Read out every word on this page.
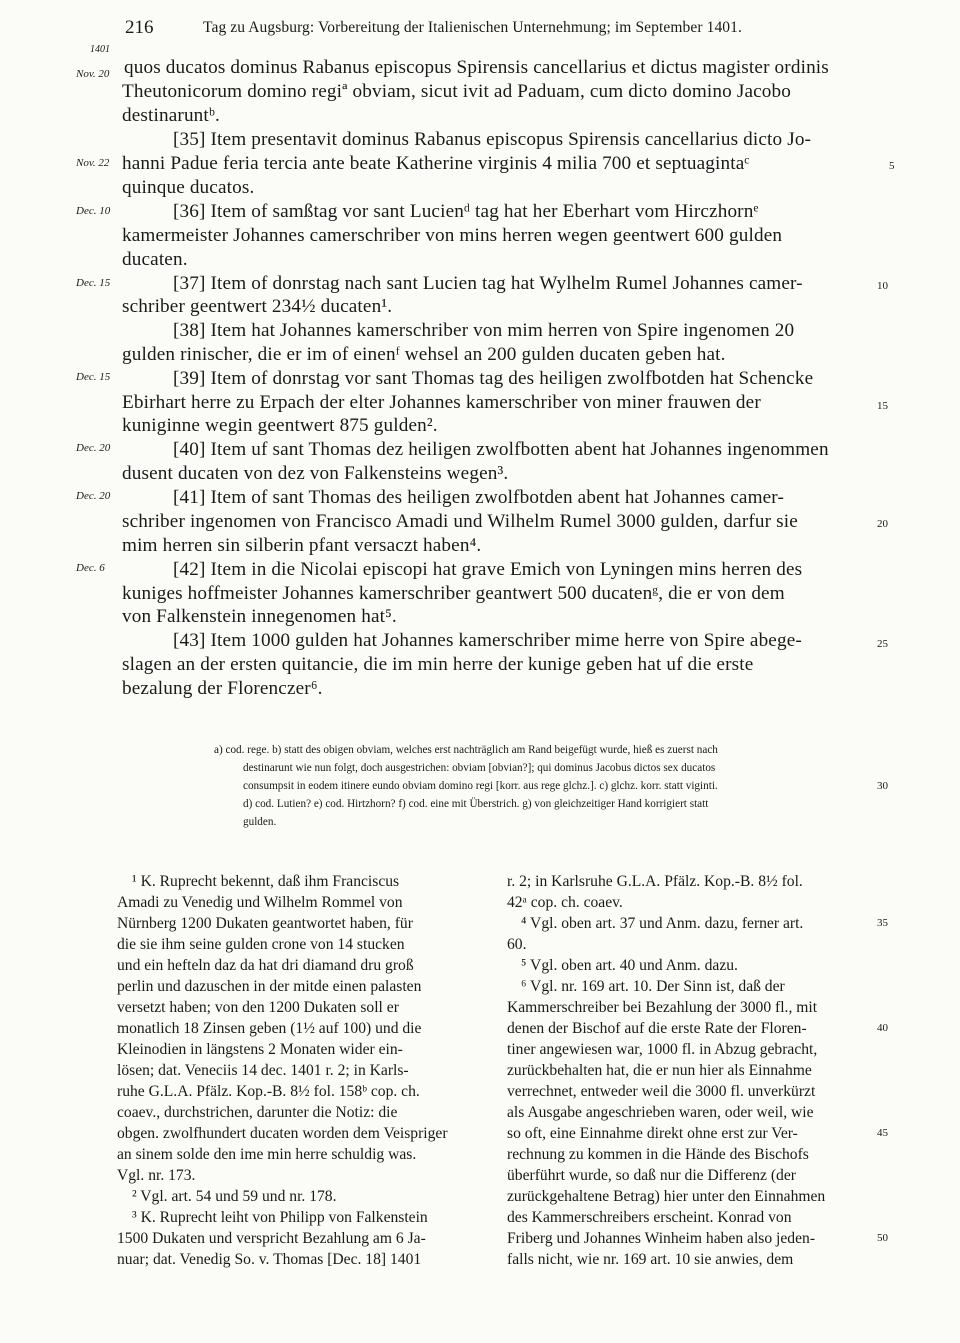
216	Tag zu Augsburg: Vorbereitung der Italienischen Unternehmung; im September 1401.
1401
Nov. 20
Nov. 22
Dec. 10
Dec. 15
Dec. 15
Dec. 20
Dec. 20
Dec. 6
quos ducatos dominus Rabanus episcopus Spirensis cancellarius et dictus magister ordinis
Theutonicorum domino regiª obviam, sicut ivit ad Paduam, cum dicto domino Jacobo
destinaruntᵇ.
[35] Item presentavit dominus Rabanus episcopus Spirensis cancellarius dicto Jo-
hanni Padue feria tercia ante beate Katherine virginis 4 milia 700 et septuagintaᶜ
quinque ducatos.
[36] Item of samßtag vor sant Lucienᵈ tag hat her Eberhart vom Hirczhornᵉ
kamermeister Johannes camerschriber von mins herren wegen geentwert 600 gulden
ducaten.
[37] Item of donrstag nach sant Lucien tag hat Wylhelm Rumel Johannes camer-
schriber geentwert 234½ ducaten¹.
[38] Item hat Johannes kamerschriber von mim herren von Spire ingenomen 20
gulden rinischer, die er im of einenᶠ wehsel an 200 gulden ducaten geben hat.
[39] Item of donrstag vor sant Thomas tag des heiligen zwolfbotden hat Schencke
Ebirhart herre zu Erpach der elter Johannes kamerschriber von miner frauwen der
kuniginne wegin geentwert 875 gulden².
[40] Item uf sant Thomas dez heiligen zwolfbotten abent hat Johannes ingenommen
dusent ducaten von dez von Falkensteins wegen³.
[41] Item of sant Thomas des heiligen zwolfbotden abent hat Johannes camer-
schriber ingenomen von Francisco Amadi und Wilhelm Rumel 3000 gulden, darfur sie
mim herren sin silberin pfant versaczt haben⁴.
[42] Item in die Nicolai episcopi hat grave Emich von Lyningen mins herren des
kuniges hoffmeister Johannes kamerschriber geantwert 500 ducatenᵍ, die er von dem
von Falkenstein innegenomen hat⁵.
[43] Item 1000 gulden hat Johannes kamerschriber mime herre von Spire abege-
slagen an der ersten quitancie, die im min herre der kunige geben hat uf die erste
bezalung der Florenczer⁶.
5
10
15
20
25
a) cod. rege. b) statt des obigen obviam, welches erst nachträglich am Rand beigefügt wurde, hieß es zuerst nach
destinarunt wie nun folgt, doch ausgestrichen: obviam [obvian?]; qui dominus Jacobus dictos sex ducatos
consumpsit in eodem itinere eundo obviam domino regi [korr. aus rege glchz.]. c) glchz. korr. statt viginti.
d) cod. Lutien? e) cod. Hirtzhorn? f) cod. eine mit Überstrich. g) von gleichzeitiger Hand korrigiert statt
gulden.
30
¹ K. Ruprecht bekennt, daß ihm Franciscus
Amadi zu Venedig und Wilhelm Rommel von
Nürnberg 1200 Dukaten geantwortet haben, für
die sie ihm seine gulden crone von 14 stucken
und ein hefteln daz da hat dri diamand dru groß
perlin und dazuschen in der mitde einen palasten
versetzt haben; von den 1200 Dukaten soll er
monatlich 18 Zinsen geben (1½ auf 100) und die
Kleinodien in längstens 2 Monaten wider ein-
lösen; dat. Veneciis 14 dec. 1401 r. 2; in Karls-
ruhe G.L.A. Pfälz. Kop.-B. 8½ fol. 158ᵇ cop. ch.
coaev., durchstrichen, darunter die Notiz: die
obgen. zwolfhundert ducaten worden dem Veispriger
an sinem solde den ime min herre schuldig was.
Vgl. nr. 173.
² Vgl. art. 54 und 59 und nr. 178.
³ K. Ruprecht leiht von Philipp von Falkenstein
1500 Dukaten und verspricht Bezahlung am 6 Ja-
nuar; dat. Venedig So. v. Thomas [Dec. 18] 1401
r. 2; in Karlsruhe G.L.A. Pfälz. Kop.-B. 8½ fol.
42ᵃ cop. ch. coaev.
⁴ Vgl. oben art. 37 und Anm. dazu, ferner art.
60.
⁵ Vgl. oben art. 40 und Anm. dazu.
⁶ Vgl. nr. 169 art. 10. Der Sinn ist, daß der
Kammerschreiber bei Bezahlung der 3000 fl., mit
denen der Bischof auf die erste Rate der Floren-
tiner angewiesen war, 1000 fl. in Abzug gebracht,
zurückbehalten hat, die er nun hier als Einnahme
verrechnet, entweder weil die 3000 fl. unverkürzt
als Ausgabe angeschrieben waren, oder weil, wie
so oft, eine Einnahme direkt ohne erst zur Ver-
rechnung zu kommen in die Hände des Bischofs
überführt wurde, so daß nur die Differenz (der
zurückgehaltene Betrag) hier unter den Einnahmen
des Kammerschreibers erscheint. Konrad von
Friberg und Johannes Winheim haben also jeden-
falls nicht, wie nr. 169 art. 10 sie anwies, dem
35
40
45
50
